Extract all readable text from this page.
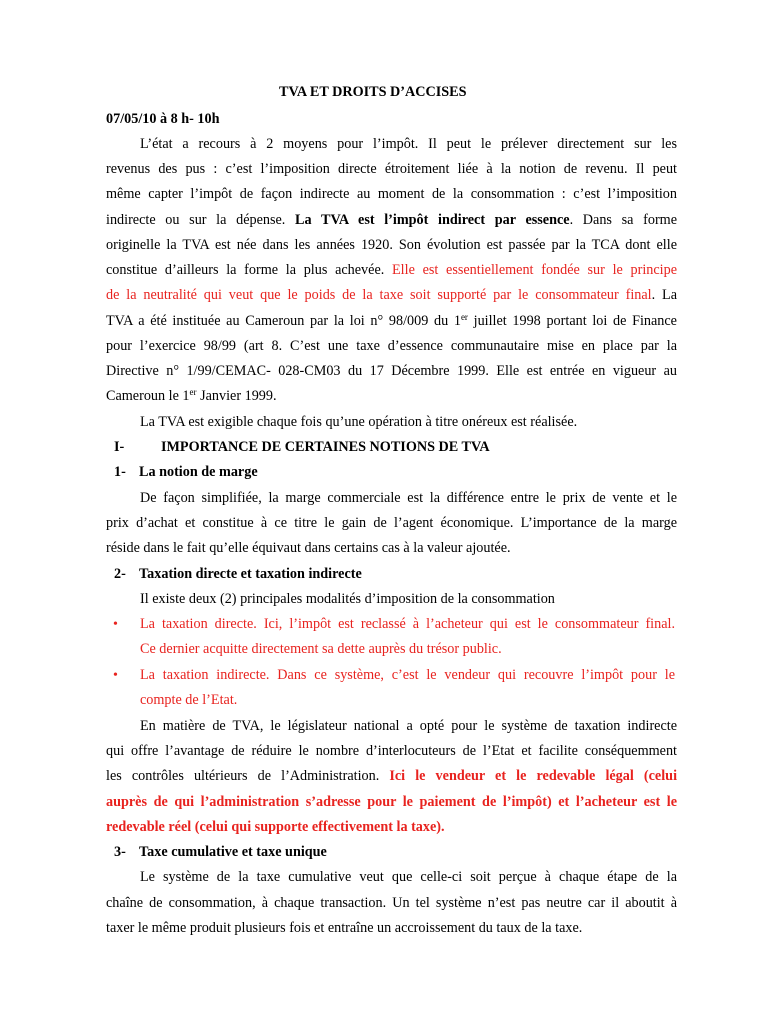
TVA ET DROITS D’ACCISES
07/05/10 à 8 h- 10h
L’état a recours à 2 moyens pour l’impôt. Il peut le prélever directement sur les
revenus des pus : c’est l’imposition directe étroitement liée à la notion de revenu. Il peut
même capter l’impôt de façon indirecte au moment de la consommation : c’est l’imposition
indirecte ou sur la dépense. La TVA est l’impôt indirect par essence. Dans sa forme
originelle la TVA est née dans les années 1920. Son évolution est passée par la TCA dont elle
constitue d’ailleurs la forme la plus achevée. Elle est essentiellement fondée sur le principe
de la neutralité qui veut que le poids de la taxe soit supporté par le consommateur final. La
TVA a été instituée au Cameroun par la loi n° 98/009 du 1er juillet 1998 portant loi de Finance
pour l’exercice 98/99 (art 8. C’est une taxe d’essence communautaire mise en place par la
Directive n° 1/99/CEMAC- 028-CM03 du 17 Décembre 1999. Elle est entrée en vigueur au
Cameroun le 1er Janvier 1999.
La TVA est exigible chaque fois qu’une opération à titre onéreux est réalisée.
I-	IMPORTANCE DE CERTAINES NOTIONS DE TVA
1- La notion de marge
De façon simplifiée, la marge commerciale est la différence entre le prix de vente et le
prix d’achat et constitue à ce titre le gain de l’agent économique. L’importance de la marge
réside dans le fait qu’elle équivaut dans certains cas à la valeur ajoutée.
2- Taxation directe et taxation indirecte
Il existe deux (2) principales modalités d’imposition de la consommation
• La taxation directe. Ici, l’impôt est reclassé à l’acheteur qui est le consommateur final.
Ce dernier acquitte directement sa dette auprès du trésor public.
• La taxation indirecte. Dans ce système, c’est le vendeur qui recouvre l’impôt pour le
compte de l’Etat.
En matière de TVA, le législateur national a opté pour le système de taxation indirecte
qui offre l’avantage de réduire le nombre d’interlocuteurs de l’Etat et facilite conséquemment
les contrôles ultérieurs de l’Administration. Ici le vendeur et le redevable légal (celui
auprès de qui l’administration s’adresse pour le paiement de l’impôt) et l’acheteur est le
redevable réel (celui qui supporte effectivement la taxe).
3- Taxe cumulative et taxe unique
Le système de la taxe cumulative veut que celle-ci soit perçue à chaque étape de la
chaîne de consommation, à chaque transaction. Un tel système n’est pas neutre car il aboutit à
taxer le même produit plusieurs fois et entraîne un accroissement du taux de la taxe.
